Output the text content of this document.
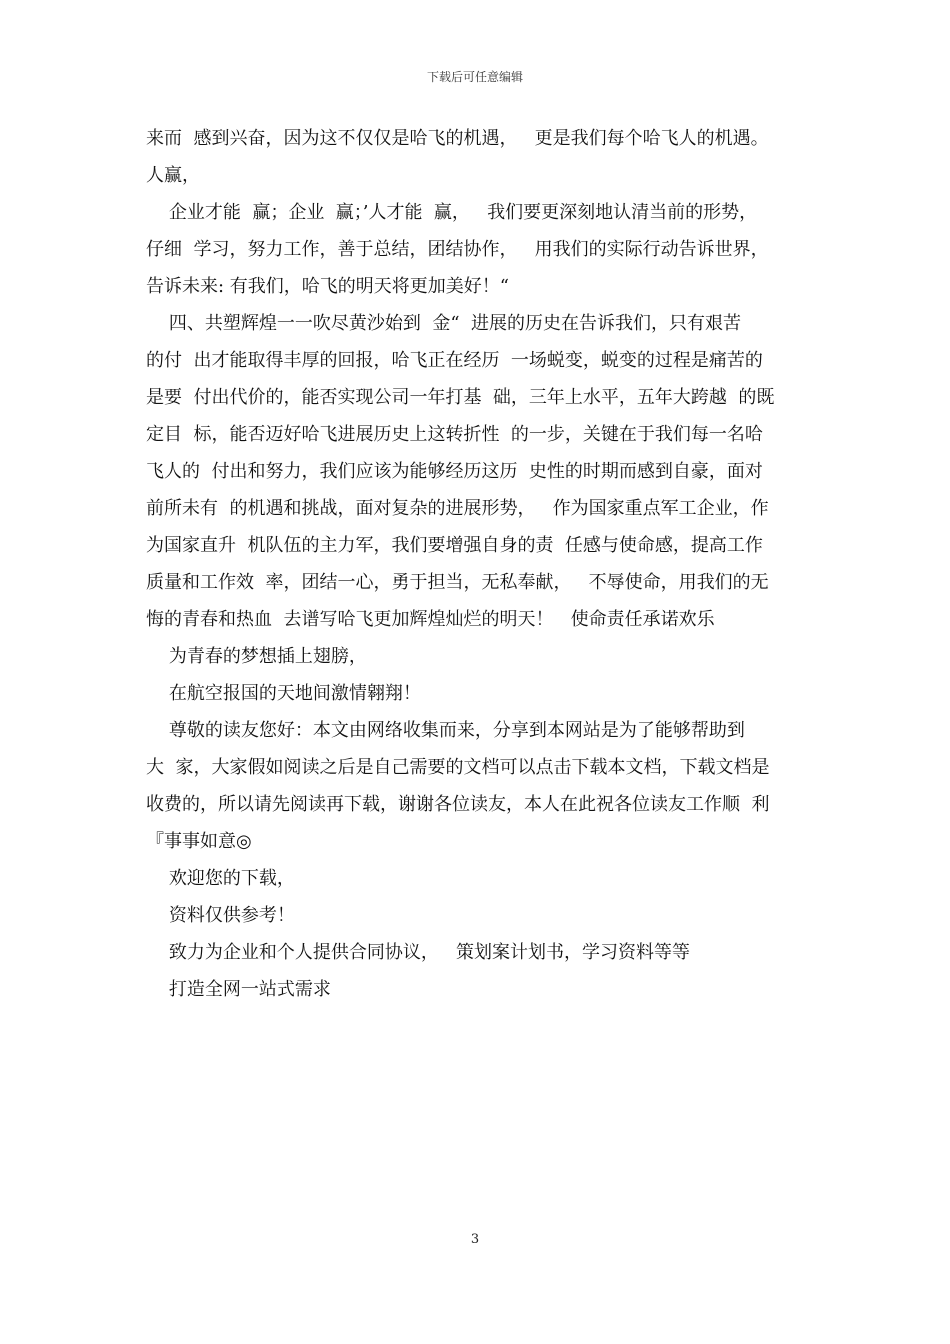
下载后可任意编辑
来而  感到兴奋，因为这不仅仅是哈飞的机遇，   更是我们每个哈飞人的机遇。
人赢，
企业才能  赢；企业  赢；’人才能  赢，   我们要更深刻地认清当前的形势，
仔细  学习，努力工作，善于总结，团结协作，   用我们的实际行动告诉世界，
告诉未来: 有我们，哈飞的明天将更加美好！“
四、共塑辉煌一一吹尽黄沙始到  金“  进展的历史在告诉我们，只有艰苦
的付  出才能取得丰厚的回报，哈飞正在经历  一场蜕变，蜕变的过程是痛苦的
是要  付出代价的，能否实现公司一年打基  础，三年上水平，五年大跨越  的既
定目  标，能否迈好哈飞进展历史上这转折性  的一步，关键在于我们每一名哈
飞人的  付出和努力，我们应该为能够经历这历  史性的时期而感到自豪，面对
前所未有  的机遇和挑战，面对复杂的进展形势，   作为国家重点军工企业，作
为国家直升  机队伍的主力军，我们要增强自身的责  任感与使命感，提高工作
质量和工作效  率，团结一心，勇于担当，无私奉献，   不辱使命，用我们的无
悔的青春和热血  去谱写哈飞更加辉煌灿烂的明天！   使命责任承诺欢乐
为青春的梦想插上翅膀，
在航空报国的天地间激情翱翔！
尊敬的读友您好：本文由网络收集而来，分享到本网站是为了能够帮助到
大  家，大家假如阅读之后是自己需要的文档可以点击下载本文档，下载文档是
收费的，所以请先阅读再下载，谢谢各位读友，本人在此祝各位读友工作顺  利
『事事如意◎
欢迎您的下载，
资料仅供参考！
致力为企业和个人提供合同协议，   策划案计划书，学习资料等等
打造全网一站式需求
3
